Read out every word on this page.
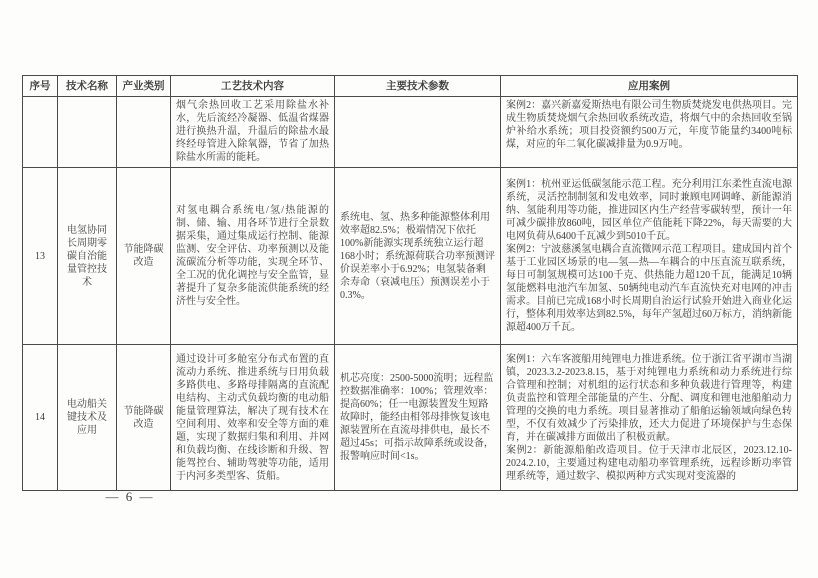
序号	技术名称	产业类别	工艺技术内容	主要技术参数	应用案例
			烟气余热回收工艺采用除盐水补水，先后流经冷凝器、低温省煤器进行换热升温，升温后的除盐水最终经母管进入除氧器，节省了加热除盐水所需的能耗。		案例2：嘉兴新嘉爱斯热电有限公司生物质焚烧发电供热项目。完成生物质焚烧烟气余热回收系统改造，将烟气中的余热回收至锅炉补给水系统；项目投资额约500万元，年度节能量约3400吨标煤，对应的年二氧化碳减排量为0.9万吨。

13	电氢协同长周期零碳自治能量管控技术	节能降碳改造	对氢电耦合系统电/氢/热能源的制、储、输、用各环节进行全景数据采集，通过集成运行控制、能源监测、安全评估、功率预测以及能流碳流分析等功能，实现全环节、全工况的优化调控与安全监管，显著提升了复杂多能流供能系统的经济性与安全性。	系统电、氢、热多种能源整体利用效率超82.5%；极端情况下依托100%新能源实现系统独立运行超168小时；系统源荷联合功率预测评价误差率小于6.92%；电氢装备剩余寿命（衰减电压）预测误差小于0.3%。	案例1：杭州亚运低碳氢能示范工程。充分利用江东柔性直流电源系统，灵活控制制氢和发电效率，同时兼顾电网调峰、新能源消纳、氢能利用等功能，推进园区内生产经营零碳转型，预计一年可减少碳排放860吨，园区单位产值能耗下降22%，每天需要的大电网负荷从6400千瓦减少到5010千瓦。

案例2：宁波慈溪氢电耦合直流微网示范工程项目。建成国内首个基于工业园区场景的电—氢—热—车耦合的中压直流互联系统，每日可制氢规模可达100千克、供热能力超120千瓦，能满足10辆氢能燃料电池汽车加氢、50辆纯电动汽车直流快充对电网的冲击需求。目前已完成168小时长周期自治运行试验开始进入商业化运行，整体利用效率达到82.5%，每年产氢超过60万标方，消纳新能源超400万千瓦。

14	电动船关键技术及应用	节能降碳改造	通过设计可多舱室分布式布置的直流动力系统、推进系统与日用负载多路供电、多路母排隔离的直流配电结构、主动式负载均衡的电动船能量管理算法，解决了现有技术在空间利用、效率和安全等方面的难题，实现了数据归集和利用、并网和负载均衡、在线诊断和升级、智能驾控台、辅助驾驶等功能，适用于内河多类型客、货船。	机芯亮度：2500-5000流明；远程监控数据准确率：100%；管理效率：提高60%；任一电源装置发生短路故障时，能经由相邻母排恢复该电源装置所在直流母排供电，最长不超过45s；可指示故障系统或设备，报警响应时间<1s。	案例1：六车客渡船用纯锂电力推进系统。位于浙江省平湖市当湖镇，2023.3.2-2023.8.15，基于对纯锂电力系统和动力系统进行综合管理和控制；对机组的运行状态和多种负载进行管理等，构建负责监控和管理全部能量的产生、分配、调度和锂电池船舶动力管理的交换的电力系统。项目显著推动了船舶运输领域向绿色转型，不仅有效减少了污染排放，还大力促进了环境保护与生态保育，并在碳减排方面做出了积极贡献。

案例2：新能源船舶改造项目。位于天津市北辰区，2023.12.10-2024.2.10，主要通过构建电动船功率管理系统，远程诊断功率管理系统等，通过数字、模拟两种方式实现对变流器的

— 6 —
